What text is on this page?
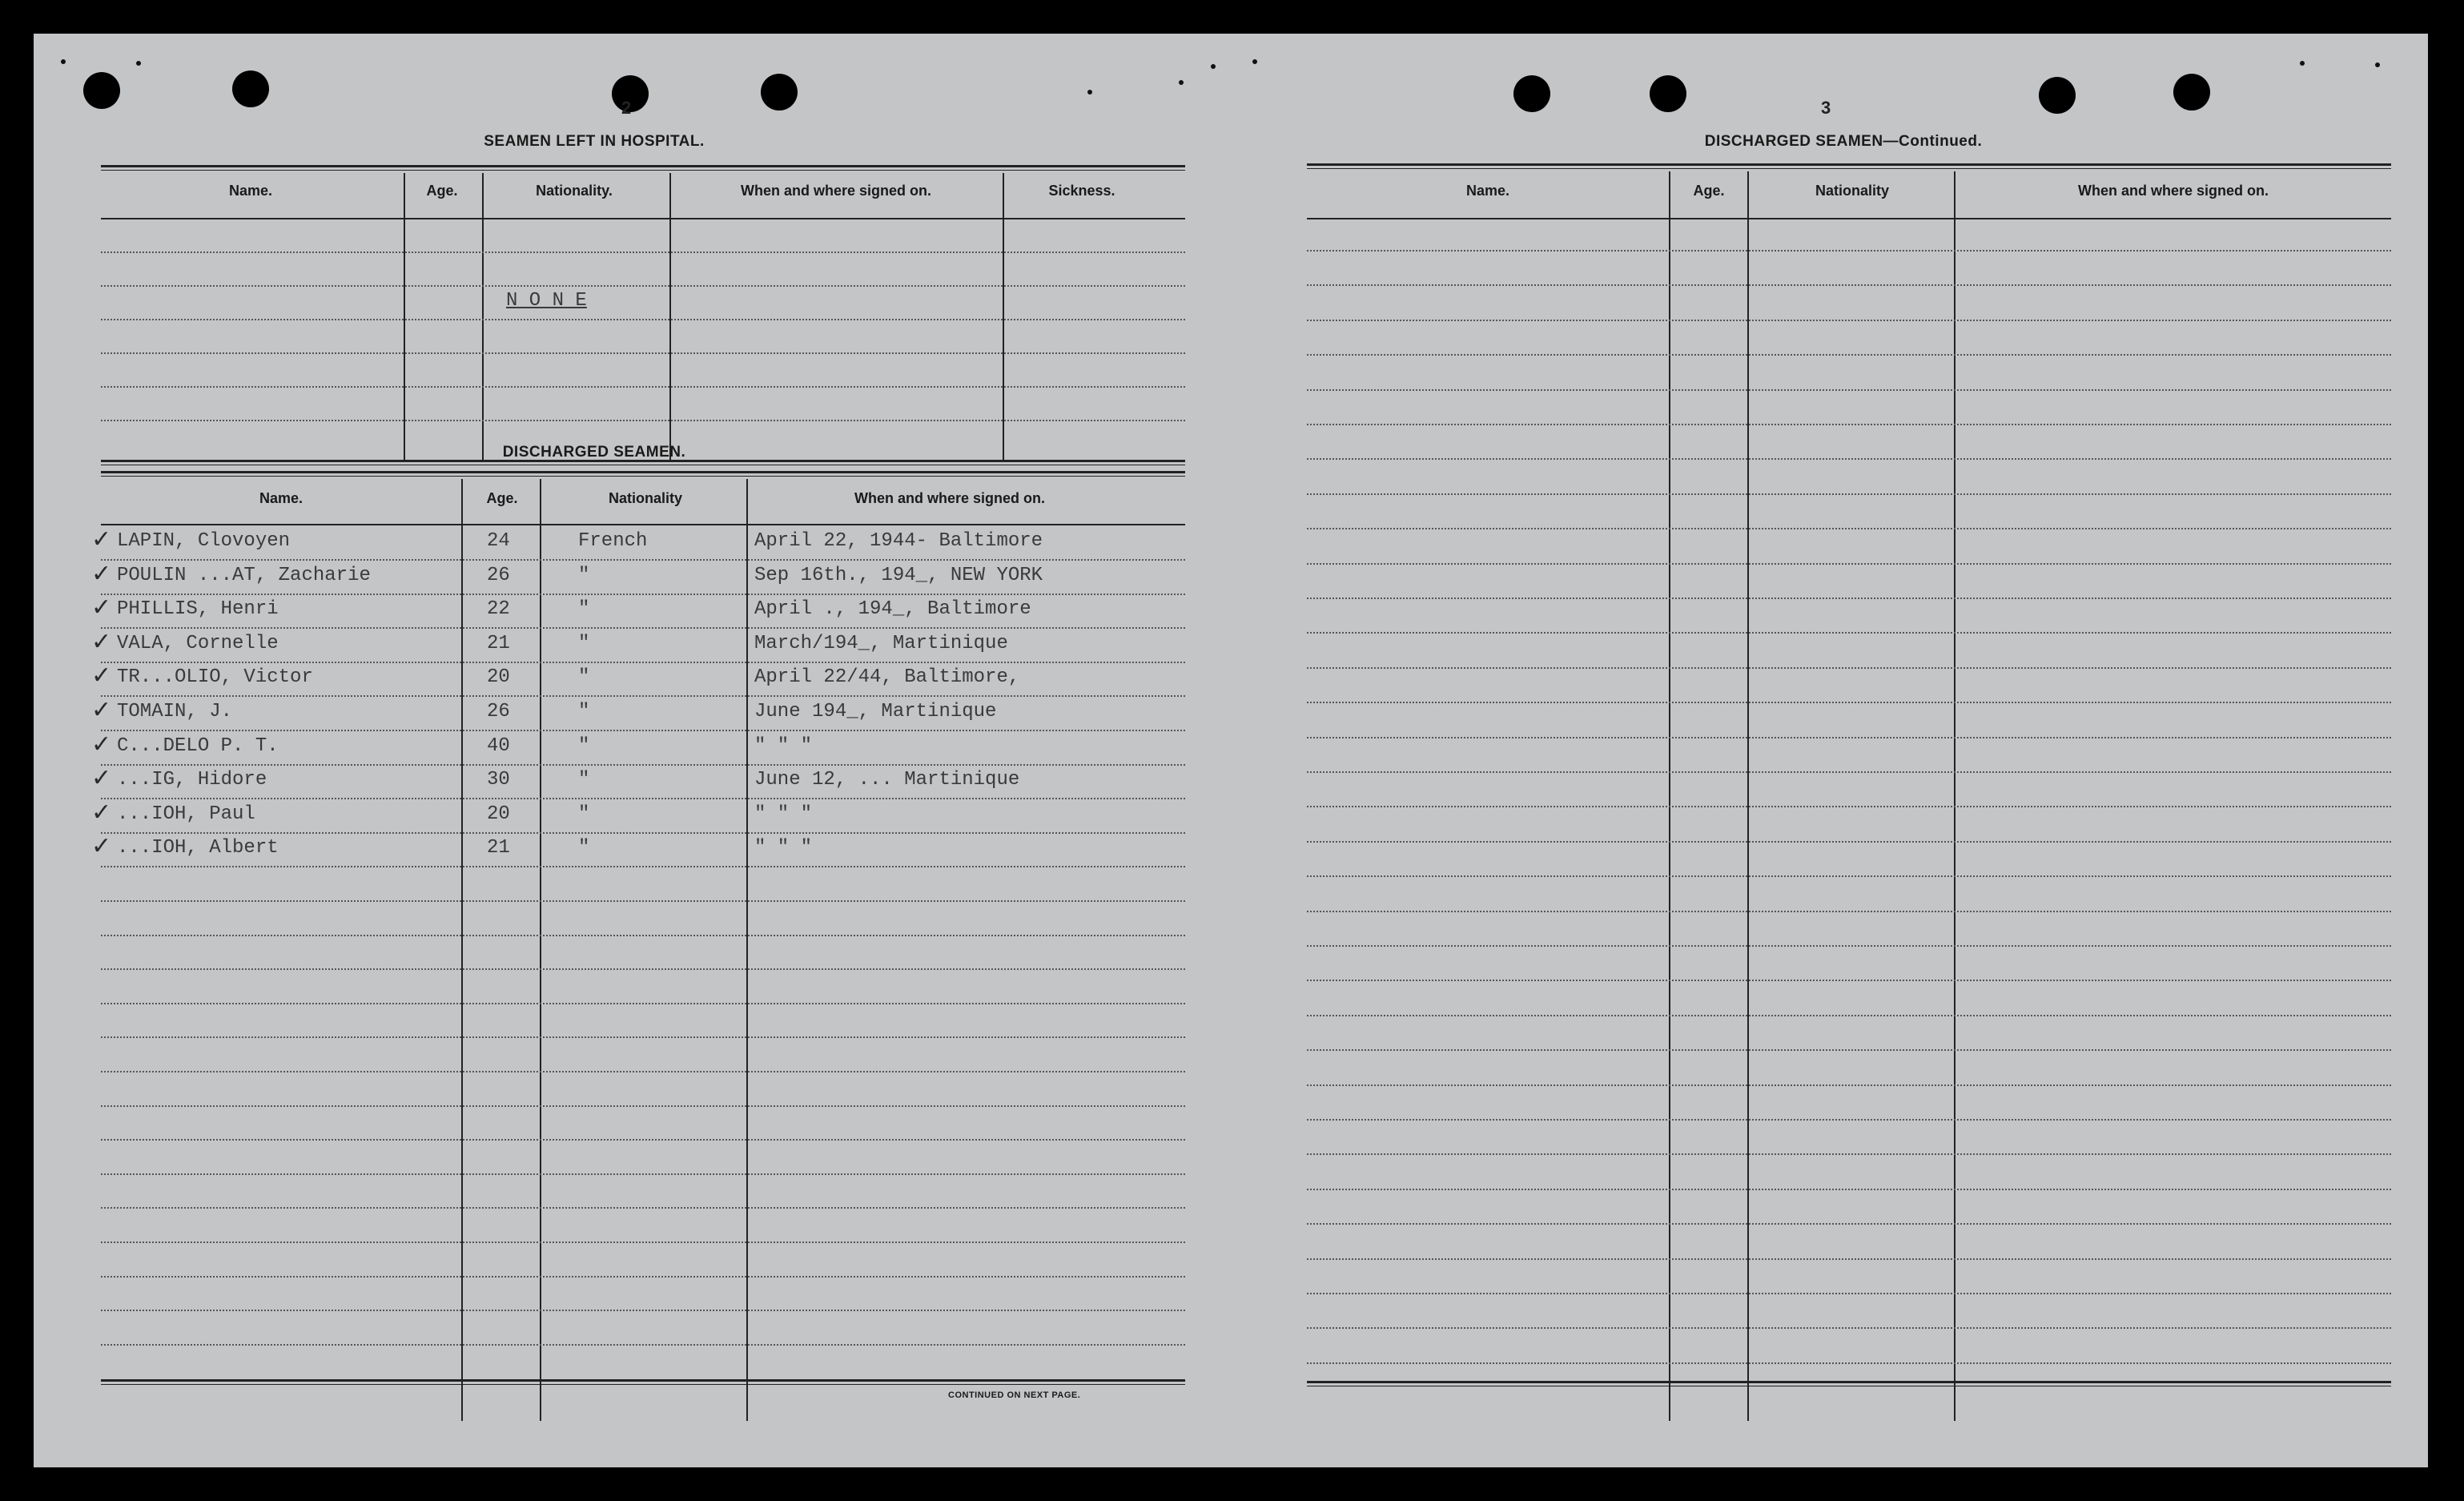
2
SEAMEN LEFT IN HOSPITAL.
Name.	Age.	Nationality.	When and where signed on.	Sickness.
N O N E
DISCHARGED SEAMEN.
Name.	Age.	Nationality	When and where signed on.
✓ LAPIN, Clovoyen	24	French	April 22, 1944- Baltimore
✓ POULIN ...AT, Zacharie	26	"	Sep 16th., 194_, NEW YORK
✓ PHILLIS, Henri	22	"	April ., 194_, Baltimore
✓ VALA, Cornelle	21	"	March/194_, Martinique
✓ TR...OLIO, Victor	20	"	April 22/44, Baltimore,
✓ TOMAIN, J.	26	"	June 194_, Martinique
✓ C...DELO P. T.	40	"	" " "
✓ ...IG, Hidore	30	"	June 12, ... Martinique
✓ ...IOH, Paul	20	"	" " "
✓ ...IOH, Albert	21	"	" " "
CONTINUED ON NEXT PAGE.
3
DISCHARGED SEAMEN—Continued.
Name.	Age.	Nationality	When and where signed on.
